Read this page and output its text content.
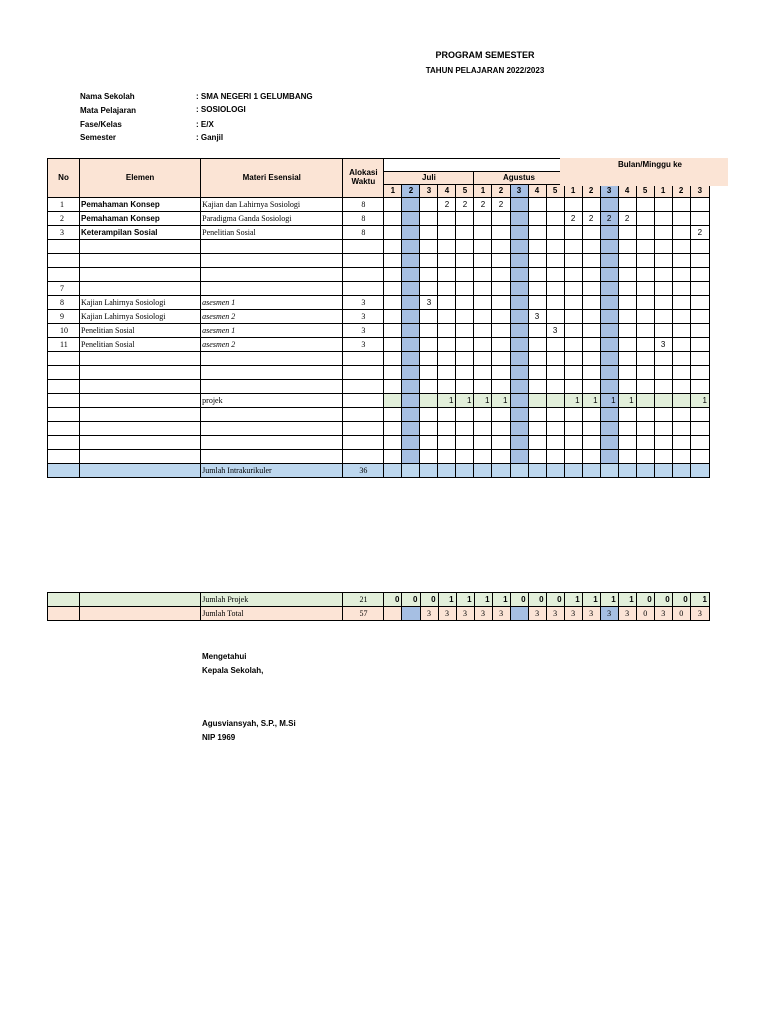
PROGRAM SEMESTER
TAHUN PELAJARAN 2022/2023
Nama Sekolah	: SMA NEGERI 1 GELUMBANG
Mata Pelajaran	: SOSIOLOGI
Fase/Kelas	: E/X
Semester	: Ganjil
No	Elemen	Materi Esensial	Alokasi Waktu																		
				Juli					Agustus		
				1	2	3	4	5	1	2	3	4	5	1	2	3	4	5	1	2	3
1	Pemahaman Konsep	Kajian dan Lahirnya Sosiologi	8				2	2	2	2											
2	Pemahaman Konsep	Paradigma Ganda Sosiologi	8											2	2	2	2				
3	Keterampilan Sosial	Penelitian Sosial	8																		2

7																					
8	Kajian Lahirnya Sosiologi	asesmen 1	3			3															
9	Kajian Lahirnya Sosiologi	asesmen 2	3									3									
10	Penelitian Sosial	asesmen 1	3										3								
11	Penelitian Sosial	asesmen 2	3																3		

		projek					1	1	1	1				1	1	1	1				1

		Jumlah Intrakurikuler	36																		
Bulan/Minggu ke
		Jumlah Projek	21	0	0	0	1	1	1	1	0	0	0	1	1	1	1	0	0	0	1
		Jumlah Total	57			3	3	3	3	3		3	3	3	3	3	3	0	3	0	3
Mengetahui
Kepala Sekolah,
Agusviansyah, S.P., M.Si
NIP 1969
